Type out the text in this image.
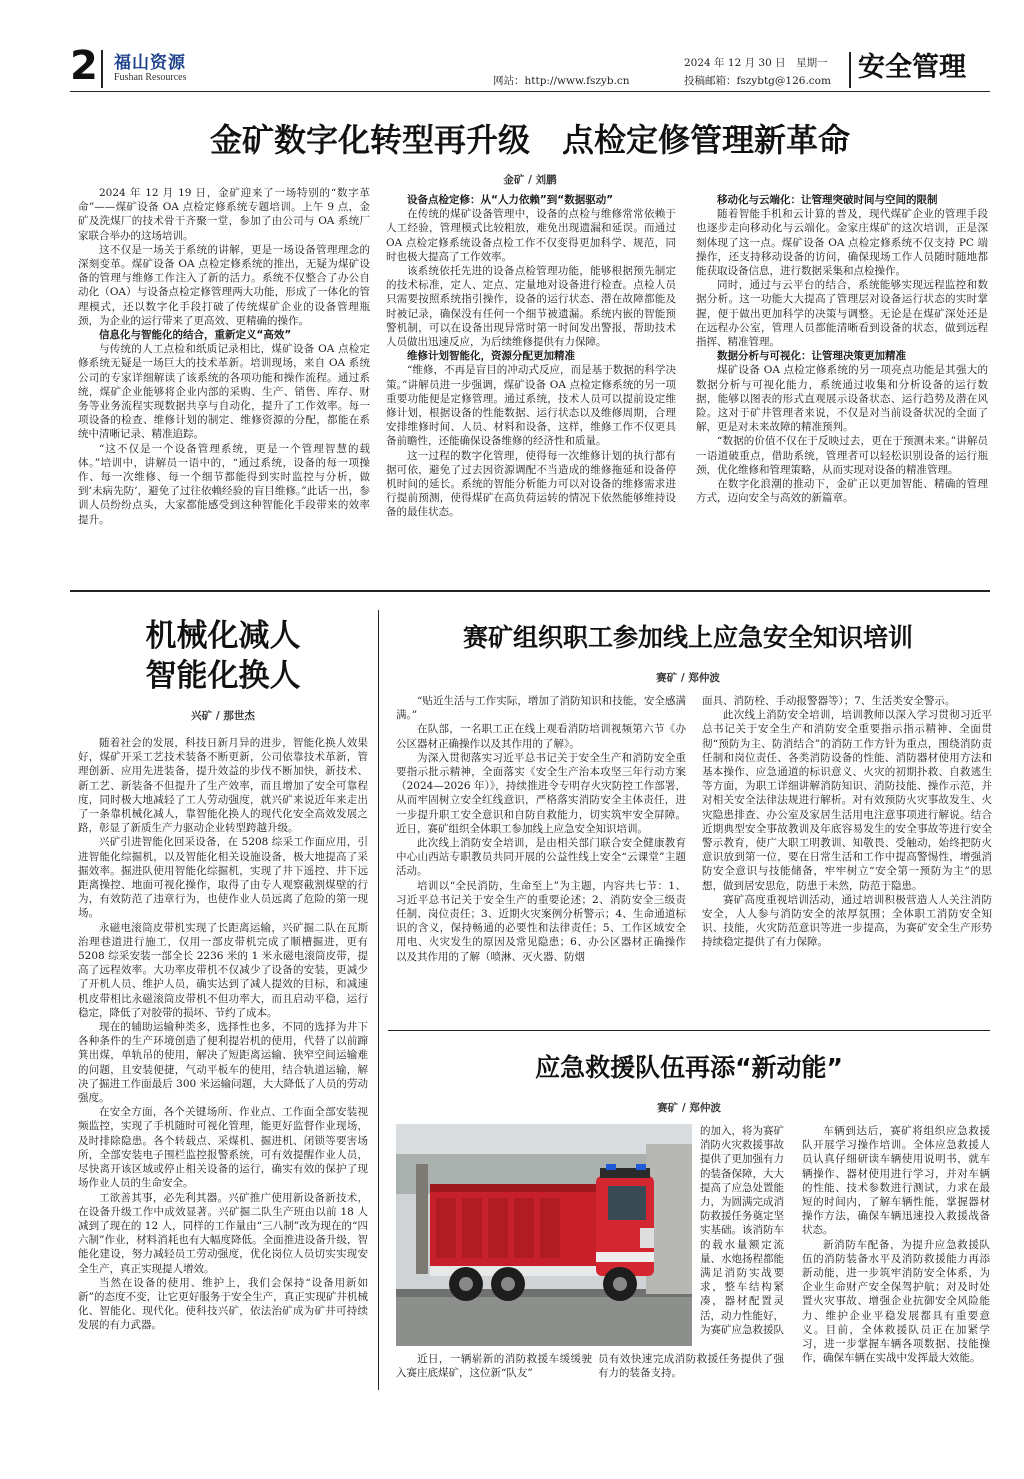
2 福山资源
Fushan Resources	网站：http://www.fszyb.cn
2024 年 12 月 30 日　星期一
投稿邮箱：fszybtg@126.com 安全管理
金矿数字化转型再升级　点检定修管理新革命
金矿 / 刘鹏

2024 年 12 月 19 日，金矿迎来了一场特别的“数字革命”——煤矿设备 OA 点检定修系统专题培训。上午 9 点，金矿及洗煤厂的技术骨干齐聚一堂，参加了由公司与 OA 系统厂家联合举办的这场培训。

这不仅是一场关于系统的讲解，更是一场设备管理理念的深刻变革。煤矿设备 OA 点检定修系统的推出，无疑为煤矿设备的管理与维修工作注入了新的活力。系统不仅整合了办公自动化（OA）与设备点检定修管理两大功能，形成了一体化的管理模式，还以数字化手段打破了传统煤矿企业的设备管理瓶颈，为企业的运行带来了更高效、更精确的操作。

信息化与智能化的结合，重新定义“高效”

与传统的人工点检和纸质记录相比，煤矿设备 OA 点检定修系统无疑是一场巨大的技术革新。培训现场，来自 OA 系统公司的专家详细解读了该系统的各项功能和操作流程。通过系统，煤矿企业能够将企业内部的采购、生产、销售、库存、财务等业务流程实现数据共享与自动化，提升了工作效率。每一项设备的检查、维修计划的制定、维修资源的分配，都能在系统中清晰记录、精准追踪。

“这不仅是一个设备管理系统，更是一个管理智慧的载体。”培训中，讲解员一语中的，“通过系统，设备的每一项操作、每一次维修、每一个细节都能得到实时监控与分析，做到‘未病先防’，避免了过往依赖经验的盲目维修。”此话一出，参训人员纷纷点头，大家都能感受到这种智能化手段带来的效率提升。

设备点检定修：从“人力依赖”到“数据驱动”

在传统的煤矿设备管理中，设备的点检与维修常常依赖于人工经验，管理模式比较粗放，难免出现遗漏和延误。而通过 OA 点检定修系统设备点检工作不仅变得更加科学、规范，同时也极大提高了工作效率。

该系统依托先进的设备点检管理功能，能够根据预先制定的技术标准，定人、定点、定量地对设备进行检查。点检人员只需要按照系统指引操作，设备的运行状态、潜在故障都能及时被记录，确保没有任何一个细节被遗漏。系统内嵌的智能预警机制，可以在设备出现异常时第一时间发出警报，帮助技术人员做出迅速反应，为后续维修提供有力保障。

维修计划智能化，资源分配更加精准

“维修，不再是盲目的冲动式反应，而是基于数据的科学决策。”讲解员进一步强调，煤矿设备 OA 点检定修系统的另一项重要功能便是定修管理。通过系统，技术人员可以提前设定维修计划，根据设备的性能数据、运行状态以及维修周期，合理安排维修时间、人员、材料和设备，这样，维修工作不仅更具备前瞻性，还能确保设备维修的经济性和质量。

这一过程的数字化管理，使得每一次维修计划的执行都有据可依，避免了过去因资源调配不当造成的维修拖延和设备停机时间的延长。系统的智能分析能力可以对设备的维修需求进行提前预测，使得煤矿在高负荷运转的情况下依然能够维持设备的最佳状态。

移动化与云端化：让管理突破时间与空间的限制

随着智能手机和云计算的普及，现代煤矿企业的管理手段也逐步走向移动化与云端化。金家庄煤矿的这次培训，正是深刻体现了这一点。煤矿设备 OA 点检定修系统不仅支持 PC 端操作，还支持移动设备的访问，确保现场工作人员随时随地都能获取设备信息，进行数据采集和点检操作。

同时，通过与云平台的结合，系统能够实现远程监控和数据分析。这一功能大大提高了管理层对设备运行状态的实时掌握，便于做出更加科学的决策与调整。无论是在煤矿深处还是在远程办公室，管理人员都能清晰看到设备的状态，做到远程指挥、精准管理。

数据分析与可视化：让管理决策更加精准

煤矿设备 OA 点检定修系统的另一项亮点功能是其强大的数据分析与可视化能力，系统通过收集和分析设备的运行数据，能够以图表的形式直观展示设备状态、运行趋势及潜在风险。这对于矿井管理者来说，不仅是对当前设备状况的全面了解，更是对未来故障的精准预判。

“数据的价值不仅在于反映过去，更在于预测未来。”讲解员一语道破重点，借助系统，管理者可以轻松识别设备的运行瓶颈，优化维修和管理策略，从而实现对设备的精准管理。

在数字化浪潮的推动下，金矿正以更加智能、精确的管理方式，迈向安全与高效的新篇章。

机械化减人
智能化换人
兴矿 / 那世杰

随着社会的发展，科技日新月异的进步，智能化换人效果好，煤矿开采工艺技术装备不断更新，公司依靠技术革新，管理创新、应用先进装备，提升效益的步伐不断加快，新技术、新工艺、新装备不但提升了生产效率，而且增加了安全可靠程度，同时极大地减轻了工人劳动强度，就兴矿来说近年来走出了一条靠机械化减人，靠智能化换人的现代化安全高效发展之路，彰显了新质生产力驱动企业转型跨越升级。

兴矿引进智能化回采设备，在 5208 综采工作面应用，引进智能化综掘机，以及智能化相关设施设备，极大地提高了采掘效率。掘进队使用智能化综掘机，实现了井下遥控、井下远距离操控、地面可视化操作，取得了由专人观察截割煤壁的行为，有效防范了违章行为，也使作业人员远离了危险的第一现场。

永磁电滚筒皮带机实现了长距离运输，兴矿掘二队在瓦斯治理巷道进行施工，仅用一部皮带机完成了顺槽掘进，更有 5208 综采安装一部全长 2236 米的 1 米永磁电滚筒皮带，提高了远程效率。大功率皮带机不仅减少了设备的安装，更减少了开机人员、维护人员，确实达到了减人提效的目标，和减速机皮带相比永磁滚筒皮带机不但功率大，而且启动平稳，运行稳定，降低了对胶带的损坏、节约了成本。

现在的辅助运输种类多，选择性也多，不同的选择为井下各种条件的生产环境创造了便利提岩机的使用，代替了以前蹿箕出煤，单轨吊的使用，解决了短距离运输、狭窄空间运输难的问题，且安装便捷，气动平板车的使用，结合轨道运输，解决了掘进工作面最后 300 米运输问题，大大降低了人员的劳动强度。

在安全方面，各个关键场所、作业点、工作面全部安装视频监控，实现了手机随时可视化管理，能更好监督作业现场，及时排除隐患。各个转载点、采煤机、掘进机、闭锁等要害场所，全部安装电子围栏监控报警系统，可有效提醒作业人员，尽快离开该区域或停止相关设备的运行，确实有效的保护了现场作业人员的生命安全。

工欲善其事，必先利其器。兴矿推广使用新设备新技术，在设备升级工作中成效显著。兴矿掘二队生产班由以前 18 人减到了现在的 12 人，同样的工作量由“三八制”改为现在的“四六制”作业，材料消耗也有大幅度降低。全面推进设备升级，智能化建设，努力减轻员工劳动强度，优化岗位人员切实实现安全生产，真正实现提人增效。

当然在设备的使用、维护上，我们会保持“设备用新如新”的态度不变，让它更好服务于安全生产，真正实现矿井机械化、智能化、现代化。使科技兴矿，依法治矿成为矿井可持续发展的有力武器。

赛矿组织职工参加线上应急安全知识培训
赛矿 / 郑仲波

“贴近生活与工作实际，增加了消防知识和技能，安全感满满。”

在队部，一名职工正在线上观看消防培训视频第六节《办公区器材正确操作以及其作用的了解》。

为深入贯彻落实习近平总书记关于安全生产和消防安全重要指示批示精神，全面落实《安全生产治本攻坚三年行动方案（2024—2026 年）》，持续推进令专明存火灾防控工作部署，从而牢固树立安全红线意识，严格落实消防安全主体责任，进一步提升职工安全意识和自防自救能力，切实筑牢安全屏障。近日，赛矿组织全体职工参加线上应急安全知识培训。

此次线上消防安全培训，是由相关部门联合安全健康教育中心山西站专职教员共同开展的公益性线上安全“云课堂”主题活动。

培训以“全民消防，生命至上”为主题，内容共七节：1、习近平总书记关于安全生产的重要论述；2、消防安全三级责任制、岗位责任；3、近期火灾案例分析警示；4、生命通道标识的含义，保持畅通的必要性和法律责任；5、工作区域安全用电、火灾发生的原因及常见隐患；6、办公区器材正确操作以及其作用的了解（喷淋、灭火器、防烟

面具、消防栓、手动报警器等）；7、生活类安全警示。

此次线上消防安全培训，培训教师以深入学习贯彻习近平总书记关于安全生产和消防安全重要指示指示精神、全面贯彻“预防为主、防消结合”的消防工作方针为重点，围绕消防责任制和岗位责任、各类消防设备的性能、消防器材使用方法和基本操作、应急通道的标识意义、火灾的初期扑救、自救逃生等方面，为职工详细讲解消防知识、消防技能、操作示范，并对相关安全法律法规进行解析。对有效预防火灾事故发生、火灾隐患排查、办公室及家居生活用电注意事项进行解说。结合近期典型安全事故教训及年底容易发生的安全事故等进行安全警示教育，使广大职工明教训、知敬畏、受触动，始终把防火意识放到第一位，要在日常生活和工作中提高警惕性，增强消防安全意识与技能储备，牢牢树立“安全第一预防为主”的思想，做到居安思危，防患于未然，防范于隐患。

赛矿高度重视培训活动，通过培训积极营造人人关注消防安全，人人参与消防安全的浓厚氛围；全体职工消防安全知识、技能，火灾防范意识等进一步提高，为赛矿安全生产形势持续稳定提供了有力保障。

应急救援队伍再添“新动能”
赛矿 / 郑仲波

的加入，将为赛矿消防火灾救援事故提供了更加强有力的装备保障，大大提高了应急处置能力，为圆满完成消防救援任务奠定坚实基础。该消防车的载水量额定流量、水炮扬程都能满足消防实战要求，整车结构紧凑，器材配置灵活，动力性能好，为赛矿应急救援队

车辆到达后，赛矿将组织应急救援队开展学习操作培训。全体应急救援人员认真仔细研读车辆使用说明书，就车辆操作、器材使用进行学习，并对车辆的性能、技术参数进行测试，力求在最短的时间内，了解车辆性能，掌握器材操作方法，确保车辆迅速投入救援战备状态。

新消防车配备，为提升应急救援队伍的消防装备水平及消防救援能力再添新动能，进一步筑牢消防安全体系，为企业生命财产安全保驾护航；对及时处置火灾事故、增强企业抗御安全风险能力、维护企业平稳发展都具有重要意义。目前，全体救援队员正在加紧学习，进一步掌握车辆各项数据、技能操作，确保车辆在实战中发挥最大效能。

近日，一辆崭新的消防救援车缓缓驶入赛庄底煤矿，这位新“队友”

员有效快速完成消防救援任务提供了强有力的装备支持。
